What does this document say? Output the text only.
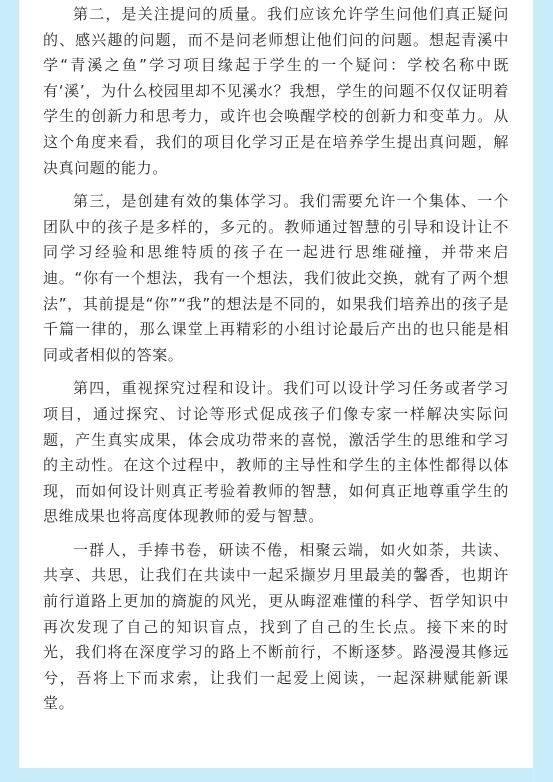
第二，是关注提问的质量。我们应该允许学生问他们真正疑问的、感兴趣的问题，而不是问老师想让他们问的问题。想起青溪中学“青溪之鱼”学习项目缘起于学生的一个疑问：学校名称中既有‘溪’，为什么校园里却不见溪水？我想，学生的问题不仅仅证明着学生的创新力和思考力，或许也会唤醒学校的创新力和变革力。从这个角度来看，我们的项目化学习正是在培养学生提出真问题，解决真问题的能力。

第三，是创建有效的集体学习。我们需要允许一个集体、一个团队中的孩子是多样的，多元的。教师通过智慧的引导和设计让不同学习经验和思维特质的孩子在一起进行思维碰撞，并带来启迪。“你有一个想法，我有一个想法，我们彼此交换，就有了两个想法”，其前提是“你”“我”的想法是不同的，如果我们培养出的孩子是千篇一律的，那么课堂上再精彩的小组讨论最后产出的也只能是相同或者相似的答案。

第四，重视探究过程和设计。我们可以设计学习任务或者学习项目，通过探究、讨论等形式促成孩子们像专家一样解决实际问题，产生真实成果，体会成功带来的喜悦，激活学生的思维和学习的主动性。在这个过程中，教师的主导性和学生的主体性都得以体现，而如何设计则真正考验着教师的智慧，如何真正地尊重学生的思维成果也将高度体现教师的爱与智慧。

一群人，手捧书卷，研读不倦，相聚云端，如火如荼，共读、共享、共思，让我们在共读中一起采撷岁月里最美的馨香，也期许前行道路上更加的旖旎的风光，更从晦涩难懂的科学、哲学知识中再次发现了自己的知识盲点，找到了自己的生长点。接下来的时光，我们将在深度学习的路上不断前行，不断逐梦。路漫漫其修远兮，吾将上下而求索，让我们一起爱上阅读，一起深耕赋能新课堂。
